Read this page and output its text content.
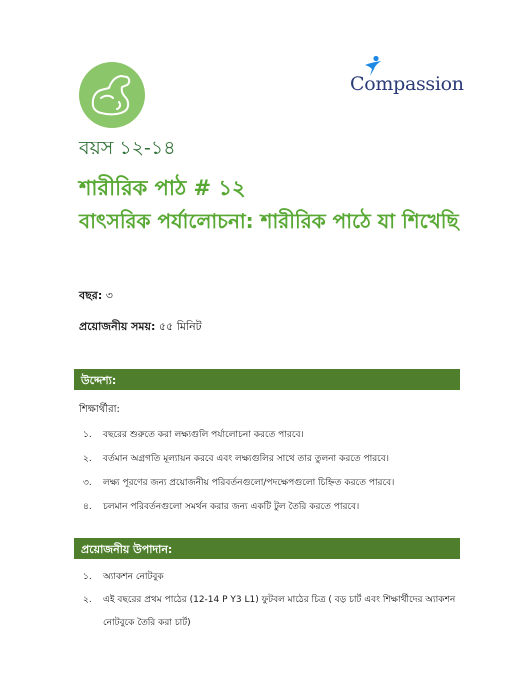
Compassion
বয়স ১২-১৪
শারীরিক পাঠ # ১২
বাৎসরিক পর্যালোচনা: শারীরিক পাঠে যা শিখেছি
বছর: ৩
প্রয়োজনীয় সময়: ৫৫ মিনিট
উদ্দেশ্য:
শিক্ষার্থীরা:
১. বছরের শুরুতে করা লক্ষ্যগুলি পর্যালোচনা করতে পারবে।
২. বর্তমান অগ্রগতি মূল্যায়ন করবে এবং লক্ষ্যগুলির সাথে তার তুলনা করতে পারবে।
৩. লক্ষ্য পূরণের জন্য প্রয়োজনীয় পরিবর্তনগুলো/পদক্ষেপগুলো চিহ্নিত করতে পারবে।
৪. চলমান পরিবর্তনগুলো সমর্থন করার জন্য একটি টুল তৈরি করতে পারবে।
প্রয়োজনীয় উপাদান:
১. অ্যাকশন নোটবুক
২. এই বছরের প্রথম পাঠের (12-14 P Y3 L1) ফুটবল মাঠের চিত্র ( বড় চার্ট এবং শিক্ষার্থীদের অ্যাকশন নোটবুকে তৈরি করা চার্ট)
